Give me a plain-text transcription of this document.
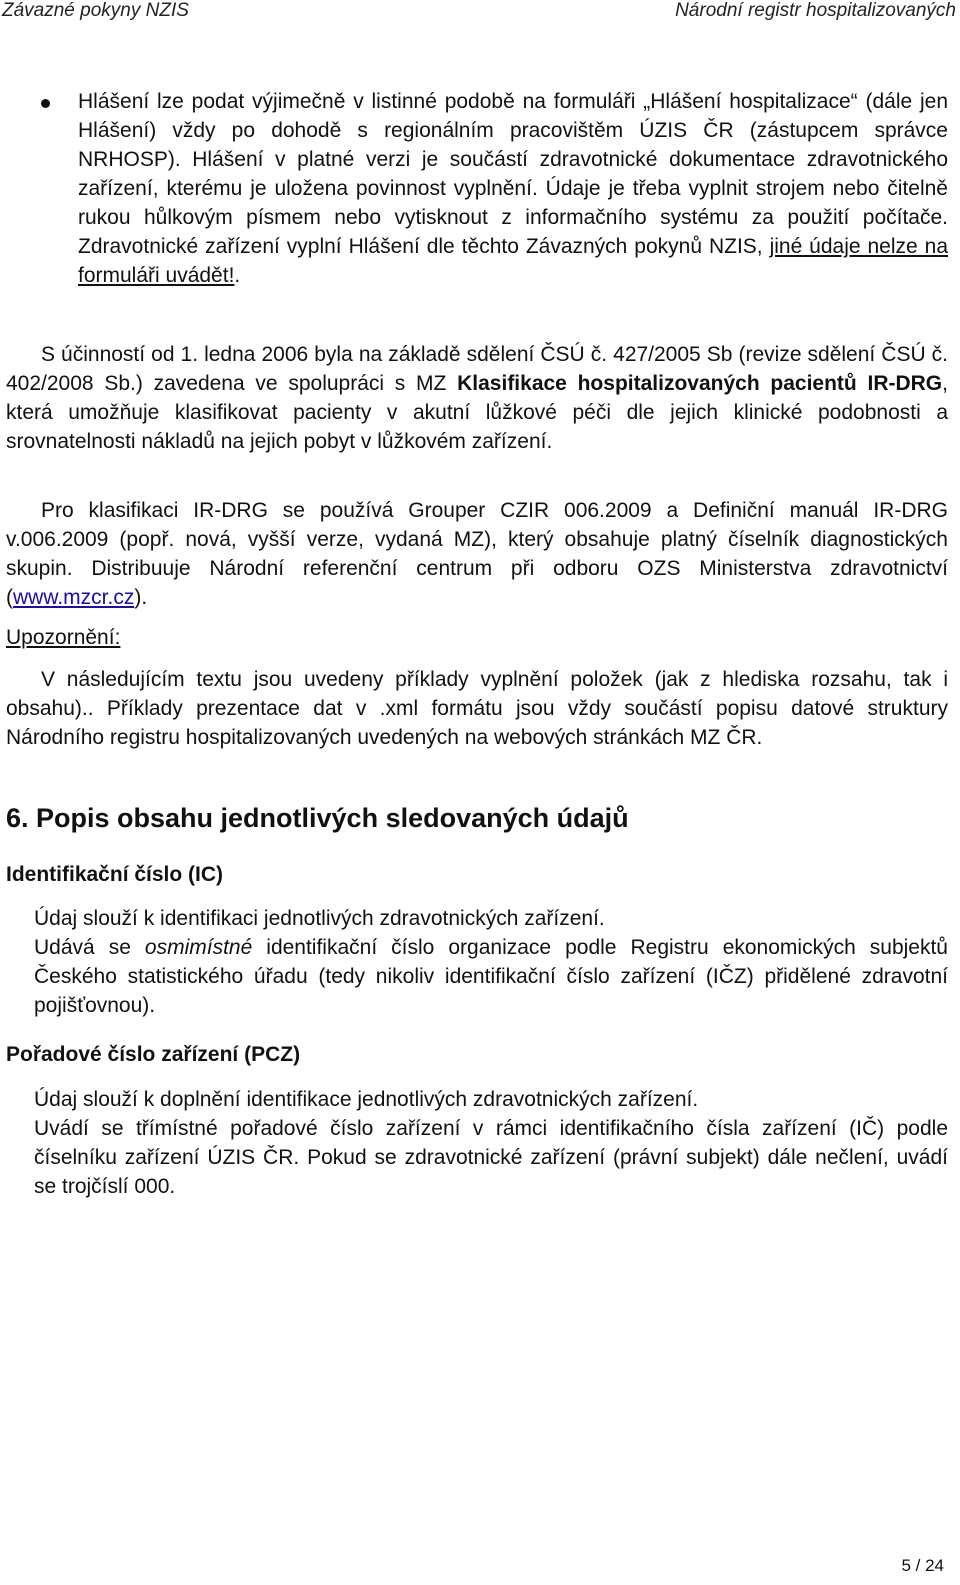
Závazné pokyny NZIS	Národní registr hospitalizovaných

Hlášení lze podat výjimečně v listinné podobě na formuláři „Hlášení hospitalizace“ (dále jen Hlášení) vždy po dohodě s regionálním pracovištěm ÚZIS ČR (zástupcem správce NRHOSP). Hlášení v platné verzi je součástí zdravotnické dokumentace zdravotnického zařízení, kterému je uložena povinnost vyplnění. Údaje je třeba vyplnit strojem nebo čitelně rukou hůlkovým písmem nebo vytisknout z informačního systému za použití počítače. Zdravotnické zařízení vyplní Hlášení dle těchto Závazných pokynů NZIS, jiné údaje nelze na formuláři uvádět!.

S účinností od 1. ledna 2006 byla na základě sdělení ČSÚ č. 427/2005 Sb (revize sdělení ČSÚ č. 402/2008 Sb.) zavedena ve spolupráci s MZ Klasifikace hospitalizovaných pacientů IR-DRG, která umožňuje klasifikovat pacienty v akutní lůžkové péči dle jejich klinické podobnosti a srovnatelnosti nákladů na jejich pobyt v lůžkovém zařízení.

Pro klasifikaci IR-DRG se používá Grouper CZIR 006.2009 a Definiční manuál IR-DRG v.006.2009 (popř. nová, vyšší verze, vydaná MZ), který obsahuje platný číselník diagnostických skupin. Distribuuje Národní referenční centrum při odboru OZS Ministerstva zdravotnictví (www.mzcr.cz).

Upozornění:

V následujícím textu jsou uvedeny příklady vyplnění položek (jak z hlediska rozsahu, tak i obsahu).. Příklady prezentace dat v .xml formátu jsou vždy součástí popisu datové struktury Národního registru hospitalizovaných uvedených na webových stránkách MZ ČR.

6. Popis obsahu jednotlivých sledovaných údajů
Identifikační číslo (IC)

Údaj slouží k identifikaci jednotlivých zdravotnických zařízení.

Udává se osmimístné identifikační číslo organizace podle Registru ekonomických subjektů Českého statistického úřadu (tedy nikoliv identifikační číslo zařízení (IČZ) přidělené zdravotní pojišťovnou).

Pořadové číslo zařízení (PCZ)

Údaj slouží k doplnění identifikace jednotlivých zdravotnických zařízení.

Uvádí se třímístné pořadové číslo zařízení v rámci identifikačního čísla zařízení (IČ) podle číselníku zařízení ÚZIS ČR. Pokud se zdravotnické zařízení (právní subjekt) dále nečlení, uvádí se trojčíslí 000.

5 / 24
